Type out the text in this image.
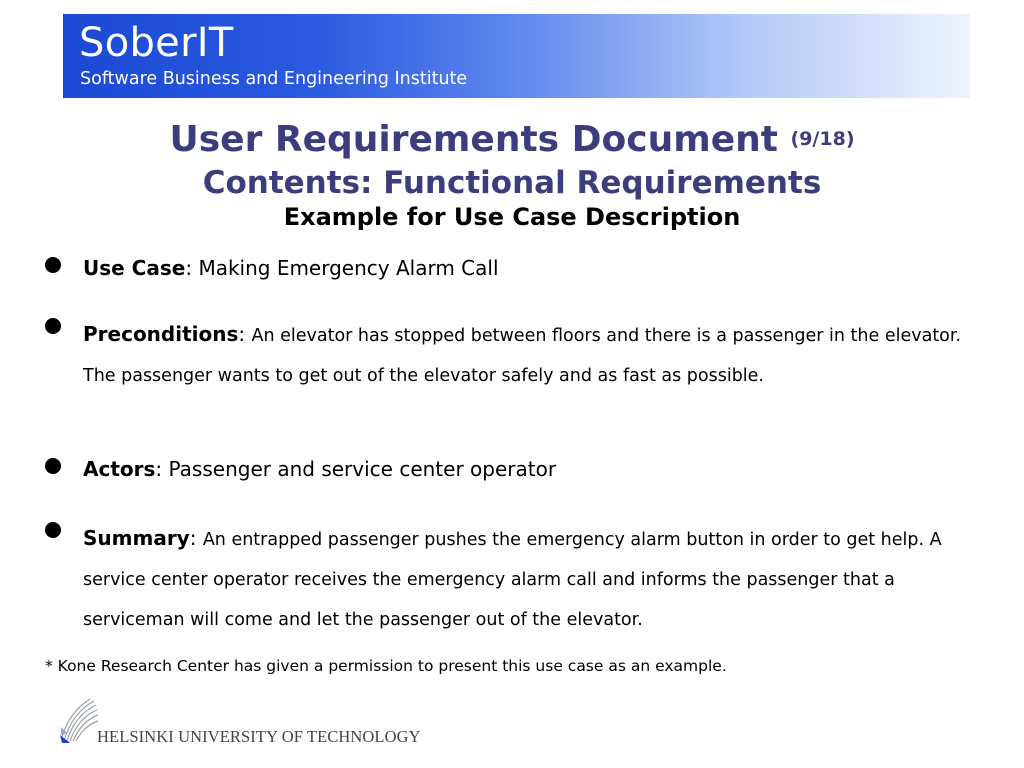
SoberIT
Software Business and Engineering Institute
User Requirements Document (9/18)
Contents: Functional Requirements
Example for Use Case Description
Use Case: Making Emergency Alarm Call
Preconditions: An elevator has stopped between floors and there is a passenger in the elevator. The passenger wants to get out of the elevator safely and as fast as possible.
Actors: Passenger and service center operator
Summary: An entrapped passenger pushes the emergency alarm button in order to get help. A service center operator receives the emergency alarm call and informs the passenger that a serviceman will come and let the passenger out of the elevator.
* Kone Research Center has given a permission to present this use case as an example.
HELSINKI UNIVERSITY OF TECHNOLOGY
